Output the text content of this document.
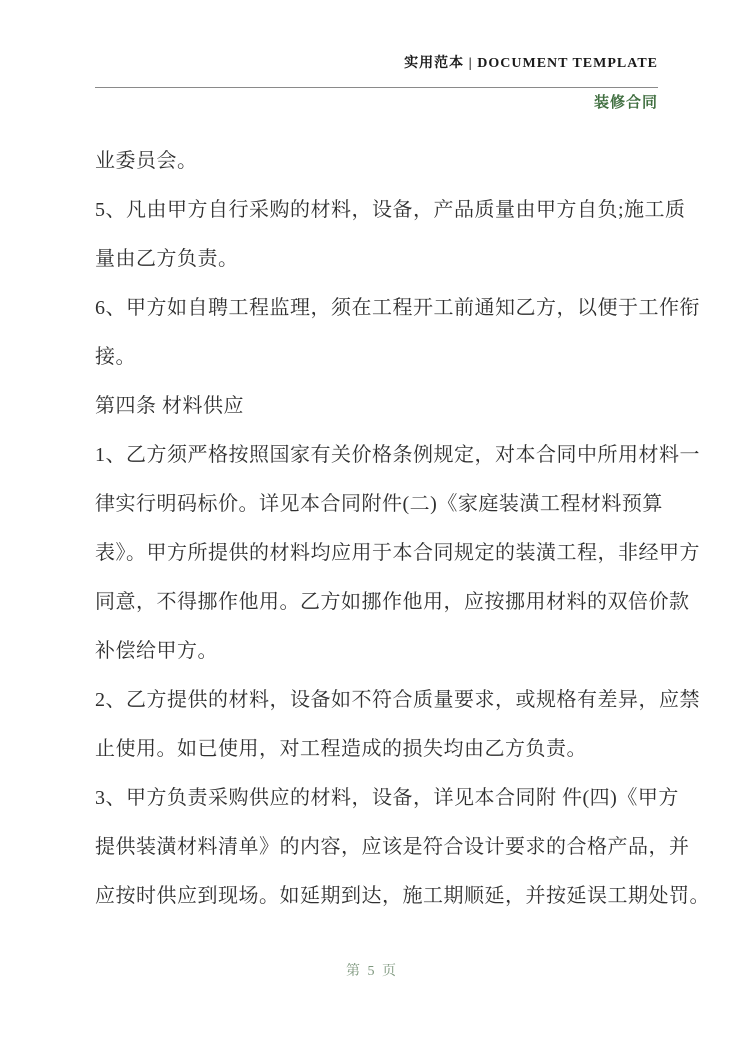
实用范本 | DOCUMENT TEMPLATE
装修合同

业委员会。

5、凡由甲方自行采购的材料，设备，产品质量由甲方自负;施工质

量由乙方负责。

6、甲方如自聘工程监理，须在工程开工前通知乙方，以便于工作衔

接。

第四条 材料供应

1、乙方须严格按照国家有关价格条例规定，对本合同中所用材料一

律实行明码标价。详见本合同附件(二)《家庭装潢工程材料预算

表》。甲方所提供的材料均应用于本合同规定的装潢工程，非经甲方

同意，不得挪作他用。乙方如挪作他用，应按挪用材料的双倍价款

补偿给甲方。

2、乙方提供的材料，设备如不符合质量要求，或规格有差异，应禁

止使用。如已使用，对工程造成的损失均由乙方负责。

3、甲方负责采购供应的材料，设备，详见本合同附 件(四)《甲方

提供装潢材料清单》的内容，应该是符合设计要求的合格产品，并

应按时供应到现场。如延期到达，施工期顺延，并按延误工期处罚。

第 5 页
